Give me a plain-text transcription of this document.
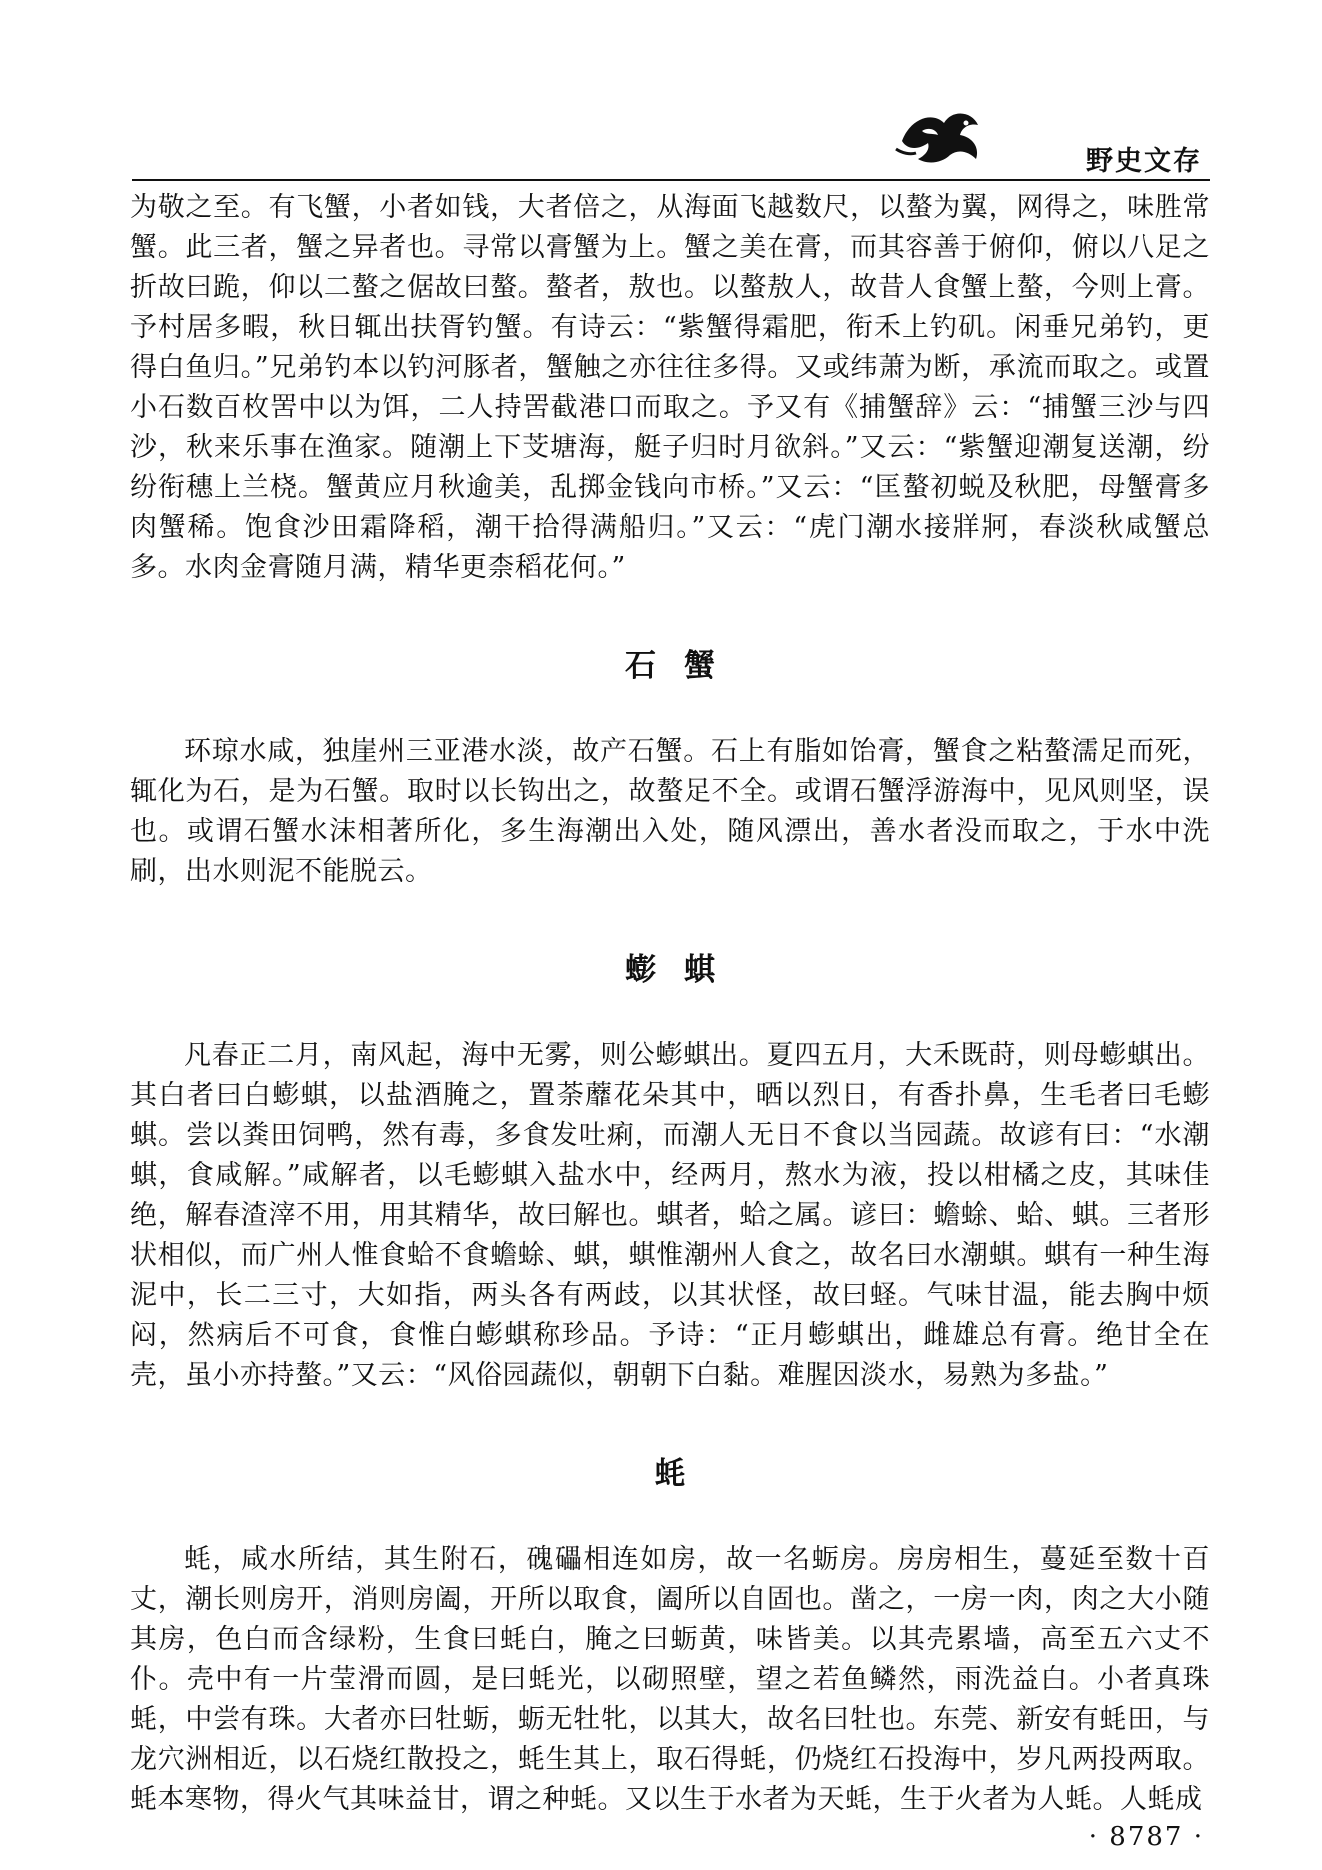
野史文存

为敬之至。有飞蟹，小者如钱，大者倍之，从海面飞越数尺，以螯为翼，网得之，味胜常蟹。此三者，蟹之异者也。寻常以膏蟹为上。蟹之美在膏，而其容善于俯仰，俯以八足之折故曰跪，仰以二螯之倨故曰螯。螯者，敖也。以螯敖人，故昔人食蟹上螯，今则上膏。予村居多暇，秋日辄出扶胥钓蟹。有诗云：“紫蟹得霜肥，衔禾上钓矶。闲垂兄弟钓，更得白鱼归。”兄弟钓本以钓河豚者，蟹触之亦往往多得。又或纬萧为断，承流而取之。或置小石数百枚罟中以为饵，二人持罟截港口而取之。予又有《捕蟹辞》云：“捕蟹三沙与四沙，秋来乐事在渔家。随潮上下芠塘海，艇子归时月欲斜。”又云：“紫蟹迎潮复送潮，纷纷衔穗上兰桡。蟹黄应月秋逾美，乱掷金钱向市桥。”又云：“匡螯初蜕及秋肥，母蟹膏多肉蟹稀。饱食沙田霜降稻，潮干拾得满船归。”又云：“虎门潮水接牂牁，春淡秋咸蟹总多。水肉金膏随月满，精华更柰稻花何。”

石蟹

环琼水咸，独崖州三亚港水淡，故产石蟹。石上有脂如饴膏，蟹食之粘螯濡足而死，辄化为石，是为石蟹。取时以长钩出之，故螯足不全。或谓石蟹浮游海中，见风则坚，误也。或谓石蟹水沫相著所化，多生海潮出入处，随风漂出，善水者没而取之，于水中洗刷，出水则泥不能脱云。

蟛蜞

凡春正二月，南风起，海中无雾，则公蟛蜞出。夏四五月，大禾既莳，则母蟛蜞出。其白者曰白蟛蜞，以盐酒腌之，置荼蘼花朵其中，晒以烈日，有香扑鼻，生毛者曰毛蟛蜞。尝以粪田饲鸭，然有毒，多食发吐痢，而潮人无日不食以当园蔬。故谚有曰：“水潮蜞，食咸解。”咸解者，以毛蟛蜞入盐水中，经两月，熬水为液，投以柑橘之皮，其味佳绝，解春渣滓不用，用其精华，故曰解也。蜞者，蛤之属。谚曰：蟾蜍、蛤、蜞。三者形状相似，而广州人惟食蛤不食蟾蜍、蜞，蜞惟潮州人食之，故名曰水潮蜞。蜞有一种生海泥中，长二三寸，大如指，两头各有两歧，以其状怪，故曰蛏。气味甘温，能去胸中烦闷，然病后不可食，食惟白蟛蜞称珍品。予诗：“正月蟛蜞出，雌雄总有膏。绝甘全在壳，虽小亦持螯。”又云：“风俗园蔬似，朝朝下白黏。难腥因淡水，易熟为多盐。”

蚝

蚝，咸水所结，其生附石，磈礧相连如房，故一名蛎房。房房相生，蔓延至数十百丈，潮长则房开，消则房阖，开所以取食，阖所以自固也。凿之，一房一肉，肉之大小随其房，色白而含绿粉，生食曰蚝白，腌之曰蛎黄，味皆美。以其壳累墙，高至五六丈不仆。壳中有一片莹滑而圆，是曰蚝光，以砌照壁，望之若鱼鳞然，雨洗益白。小者真珠蚝，中尝有珠。大者亦曰牡蛎，蛎无牡牝，以其大，故名曰牡也。东莞、新安有蚝田，与龙穴洲相近，以石烧红散投之，蚝生其上，取石得蚝，仍烧红石投海中，岁凡两投两取。蚝本寒物，得火气其味益甘，谓之种蚝。又以生于水者为天蚝，生于火者为人蚝。人蚝成

· 8787 ·
